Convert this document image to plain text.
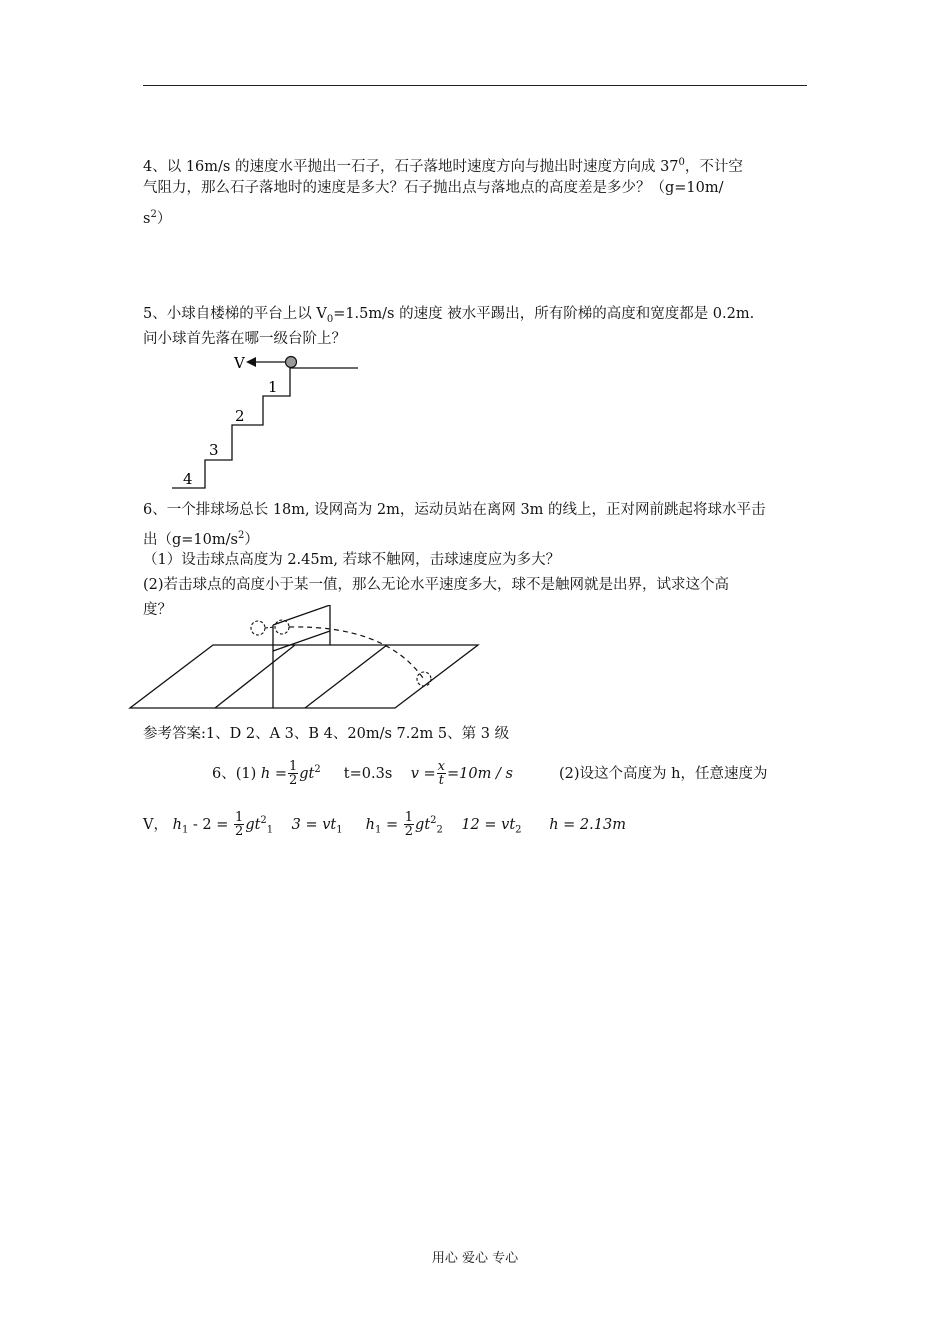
4、以 16m/s 的速度水平抛出一石子，石子落地时速度方向与抛出时速度方向成 $37^0$，不计空
气阻力，那么石子落地时的速度是多大？石子抛出点与落地点的高度差是多少？（g=10m/
$s^2$）
5、小球自楼梯的平台上以 $V_0=1.5m/s$ 的速度 被水平踢出，所有阶梯的高度和宽度都是 0.2m.
问小球首先落在哪一级台阶上？
V
1
2
3
4
6、一个排球场总长 18m, 设网高为 2m，运动员站在离网 3m 的线上，正对网前跳起将球水平击
出$(g=10m/s^2)$
（1）设击球点高度为 2.45m, 若球不触网，击球速度应为多大？
(2)若击球点的高度小于某一值，那么无论水平速度多大，球不是触网就是出界，试求这个高
度？
参考答案:1、D 2、A 3、B 4、20m/s 7.2m 5、第 3 级
6、(1) $h = \frac{1}{2} gt^2$ t=0.3s $v = \frac{x}{t} =10m / s$	(2)设这个高度为 h，任意速度为
V， $h_1 - 2 = \frac{1}{2} gt^2_1$ $3 = vt_1$ $h_1 = \frac{1}{2} gt^2_2$ $12 = vt_2$ h = 2.13m
用心 爱心 专心
